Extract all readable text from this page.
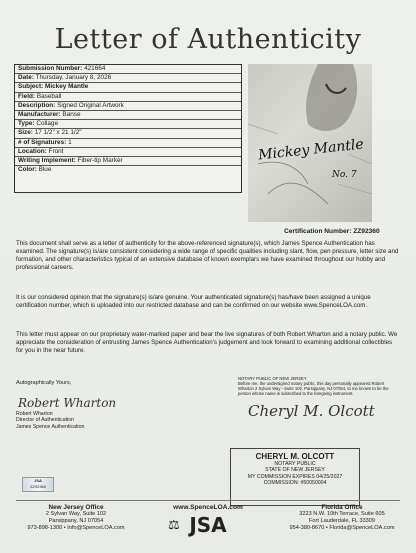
Letter of Authenticity
Submission Number: 421664
Date: Thursday, January 8, 2026
Subject: Mickey Mantle
Field: Baseball
Description: Signed Original Artwork
Manufacturer: Banse
Type: Collage
Size: 17 1/2" x 21 1/2"
# of Signatures: 1
Location: Front
Writing Implement: Fiber-tip Marker
Color: Blue
Mickey Mantle
No. 7
Certification Number: ZZ92360
This document shall serve as a letter of authenticity for the above-referenced signature(s), which James Spence Authentication has examined. The signature(s) is/are consistent considering a wide range of specific qualities including slant, flow, pen pressure, letter size and formation, and other characteristics typical of an extensive database of known exemplars we have examined throughout our hobby and professional careers.
It is our considered opinion that the signature(s) is/are genuine. Your authenticated signature(s) has/have been assigned a unique certification number, which is uploaded into our restricted database and can be confirmed on our website www.SpenceLOA.com.
This letter must appear on our proprietary water-marked paper and bear the live signatures of both Robert Wharton and a notary public. We appreciate the consideration of entrusting James Spence Authentication's judgement and look forward to examining additional collectibles for you in the near future.
Autographically Yours,
Robert Wharton
Robert Wharton
Director of Authentication
James Spence Authentication
NOTARY PUBLIC OF NEW JERSEY
Before me, the undersigned notary public, this day personally appeared Robert Wharton 2 Sylvan Way - Suite 102, Parsippany, NJ 07054, to me known to be the person whose name is subscribed to the foregoing instrument.
Cheryl M. Olcott
CHERYL M. OLCOTT
NOTARY PUBLIC
STATE OF NEW JERSEY
MY COMMISSION EXPIRES 04/25/2027
COMMISSION: #50050004
JSA
ZZ92360
New Jersey Office
2 Sylvan Way, Suite 102
Parsippany, NJ 07054
973-898-1300 • Info@SpenceLOA.com
www.SpenceLOA.com
⚖ JSA
Florida Office
3223 N.W. 10th Terrace, Suite 605
Fort Lauderdale, FL 33309
954-380-8670 • Florida@SpenceLOA.com
